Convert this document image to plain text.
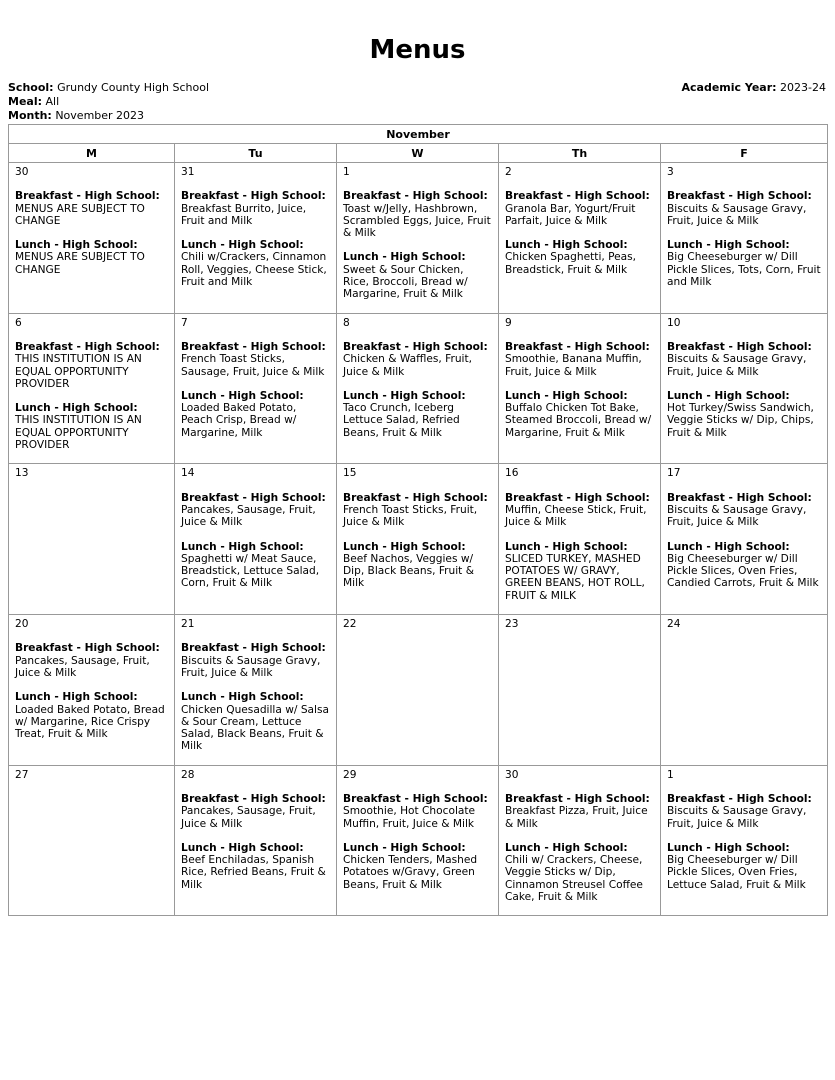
Menus
School: Grundy County High School
Meal: All
Month: November 2023
Academic Year: 2023-24
November				
M	Tu	W	Th	F

30
Breakfast - High School:
MENUS ARE SUBJECT TO CHANGE
Lunch - High School:
MENUS ARE SUBJECT TO CHANGE	31
Breakfast - High School:
Breakfast Burrito, Juice, Fruit and Milk
Lunch - High School:
Chili w/Crackers, Cinnamon Roll, Veggies, Cheese Stick, Fruit and Milk	1
Breakfast - High School:
Toast w/Jelly, Hashbrown, Scrambled Eggs, Juice, Fruit & Milk
Lunch - High School:
Sweet & Sour Chicken, Rice, Broccoli, Bread w/ Margarine, Fruit & Milk	2
Breakfast - High School:
Granola Bar, Yogurt/Fruit Parfait, Juice & Milk
Lunch - High School:
Chicken Spaghetti, Peas, Breadstick, Fruit & Milk	3
Breakfast - High School:
Biscuits & Sausage Gravy, Fruit, Juice & Milk
Lunch - High School:
Big Cheeseburger w/ Dill Pickle Slices, Tots, Corn, Fruit and Milk

6
Breakfast - High School:
THIS INSTITUTION IS AN EQUAL OPPORTUNITY PROVIDER
Lunch - High School:
THIS INSTITUTION IS AN EQUAL OPPORTUNITY PROVIDER	7
Breakfast - High School:
French Toast Sticks, Sausage, Fruit, Juice & Milk
Lunch - High School:
Loaded Baked Potato, Peach Crisp, Bread w/ Margarine, Milk	8
Breakfast - High School:
Chicken & Waffles, Fruit, Juice & Milk
Lunch - High School:
Taco Crunch, Iceberg Lettuce Salad, Refried Beans, Fruit & Milk	9
Breakfast - High School:
Smoothie, Banana Muffin, Fruit, Juice & Milk
Lunch - High School:
Buffalo Chicken Tot Bake, Steamed Broccoli, Bread w/ Margarine, Fruit & Milk	10
Breakfast - High School:
Biscuits & Sausage Gravy, Fruit, Juice & Milk
Lunch - High School:
Hot Turkey/Swiss Sandwich, Veggie Sticks w/ Dip, Chips, Fruit & Milk

13	14
Breakfast - High School:
Pancakes, Sausage, Fruit, Juice & Milk
Lunch - High School:
Spaghetti w/ Meat Sauce, Breadstick, Lettuce Salad, Corn, Fruit & Milk	15
Breakfast - High School:
French Toast Sticks, Fruit, Juice & Milk
Lunch - High School:
Beef Nachos, Veggies w/ Dip, Black Beans, Fruit & Milk	16
Breakfast - High School:
Muffin, Cheese Stick, Fruit, Juice & Milk
Lunch - High School:
SLICED TURKEY, MASHED POTATOES W/ GRAVY, GREEN BEANS, HOT ROLL, FRUIT & MILK	17
Breakfast - High School:
Biscuits & Sausage Gravy, Fruit, Juice & Milk
Lunch - High School:
Big Cheeseburger w/ Dill Pickle Slices, Oven Fries, Candied Carrots, Fruit & Milk

20
Breakfast - High School:
Pancakes, Sausage, Fruit, Juice & Milk
Lunch - High School:
Loaded Baked Potato, Bread w/ Margarine, Rice Crispy Treat, Fruit & Milk	21
Breakfast - High School:
Biscuits & Sausage Gravy, Fruit, Juice & Milk
Lunch - High School:
Chicken Quesadilla w/ Salsa & Sour Cream, Lettuce Salad, Black Beans, Fruit & Milk	22	23	24

27	28
Breakfast - High School:
Pancakes, Sausage, Fruit, Juice & Milk
Lunch - High School:
Beef Enchiladas, Spanish Rice, Refried Beans, Fruit & Milk	29
Breakfast - High School:
Smoothie, Hot Chocolate Muffin, Fruit, Juice & Milk
Lunch - High School:
Chicken Tenders, Mashed Potatoes w/Gravy, Green Beans, Fruit & Milk	30
Breakfast - High School:
Breakfast Pizza, Fruit, Juice & Milk
Lunch - High School:
Chili w/ Crackers, Cheese, Veggie Sticks w/ Dip, Cinnamon Streusel Coffee Cake, Fruit & Milk	1
Breakfast - High School:
Biscuits & Sausage Gravy, Fruit, Juice & Milk
Lunch - High School:
Big Cheeseburger w/ Dill Pickle Slices, Oven Fries, Lettuce Salad, Fruit & Milk
